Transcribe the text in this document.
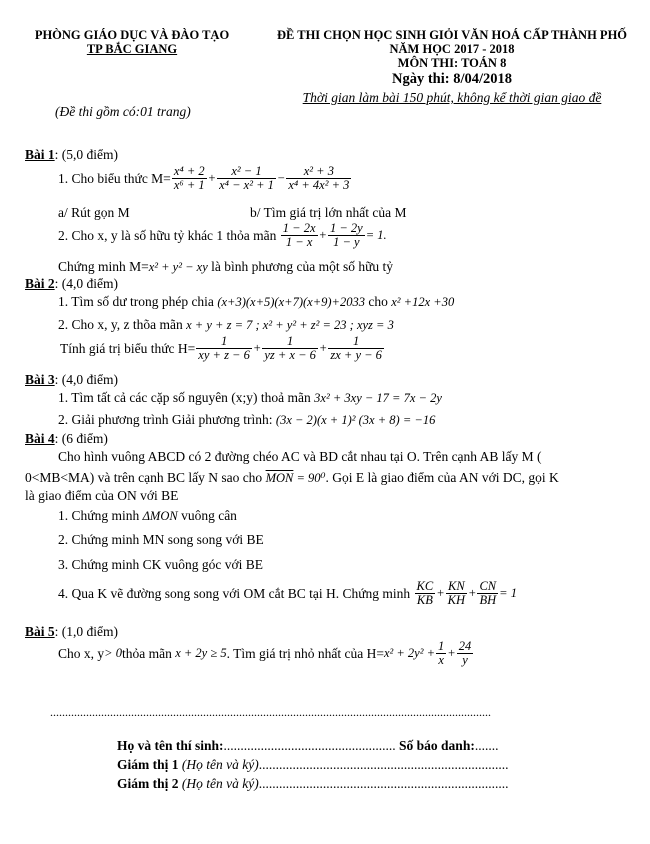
PHÒNG GIÁO DỤC VÀ ĐÀO TẠO
TP BẮC GIANG
ĐỀ THI CHỌN HỌC SINH GIỎI VĂN HOÁ CẤP THÀNH PHỐ
NĂM HỌC 2017 - 2018
MÔN THI: TOÁN 8
Ngày thi: 8/04/2018
Thời gian làm bài 150 phút, không kể thời gian giao đề
(Đề thi gồm có:01 trang)
Bài 1: (5,0 điểm)
1. Cho biểu thức $M= \frac{\text{x⁴ + 2}}{\text{x⁶ + 1}} + \frac{\text{x² − 1}}{\text{x⁴ − x² + 1}} - \frac{\text{x² + 3}}{\text{x⁴ + 4x² + 3}}$
a/ Rút gọn M	b/ Tìm giá trị lớn nhất của M
2. Cho x, y là số hữu tỷ khác 1 thỏa mãn
$\frac{1 - 2x}{1 - x} + \frac{1 - 2y}{1 - y} = 1$.
Chứng minh M=x² + y² − xy là bình phương của một số hữu tỷ
Bài 2: (4,0 điểm)
1. Tìm số dư trong phép chia (x+3)(x+5)(x+7)(x+9)+2033 cho x² +12x +30
2. Cho x, y, z thõa mãn x + y + z = 7 ; x² + y² + z² = 23 ; xyz = 3
Tính giá trị biểu thức $H= \frac{1}{xy + z - 6} + \frac{1}{yz + x - 6} + \frac{1}{zx + y - 6}$
Bài 3: (4,0 điểm)
1. Tìm tất cả các cặp số nguyên (x;y) thoả mãn 3x² + 3xy − 17 = 7x − 2y
2. Giải phương trình Giải phương trình: (3x − 2)(x + 1)² (3x + 8) = −16
Bài 4: (6 điểm)
Cho hình vuông ABCD có 2 đường chéo AC và BD cắt nhau tại O. Trên cạnh AB lấy M (
0<MB<MA) và trên cạnh BC lấy N sao cho $\overline{MON} = 90^0$. Gọi E là giao điểm của AN với DC, gọi K
là giao điểm của ON với BE
1. Chứng minh ΔMON vuông cân
2. Chứng minh MN song song với BE
3. Chứng minh CK vuông góc với BE
4. Qua K vẽ đường song song với OM cắt BC tại H. Chứng minh
$\frac{KC}{KB} + \frac{KN}{KH} + \frac{CN}{BH} = 1$
Bài 5: (1,0 điểm)
Cho x, y > 0 thỏa mãn
x + 2y ≥ 5 . Tìm giá trị nhỏ nhất của $H= x^2 + 2y^2 + \frac{1}{x} + \frac{24}{y}$
...................................................................................................................................................
Họ và tên thí sinh:................................................... Số báo danh:.......
Giám thị 1 (Họ tên và ký)..........................................................................
Giám thị 2 (Họ tên và ký)..........................................................................
